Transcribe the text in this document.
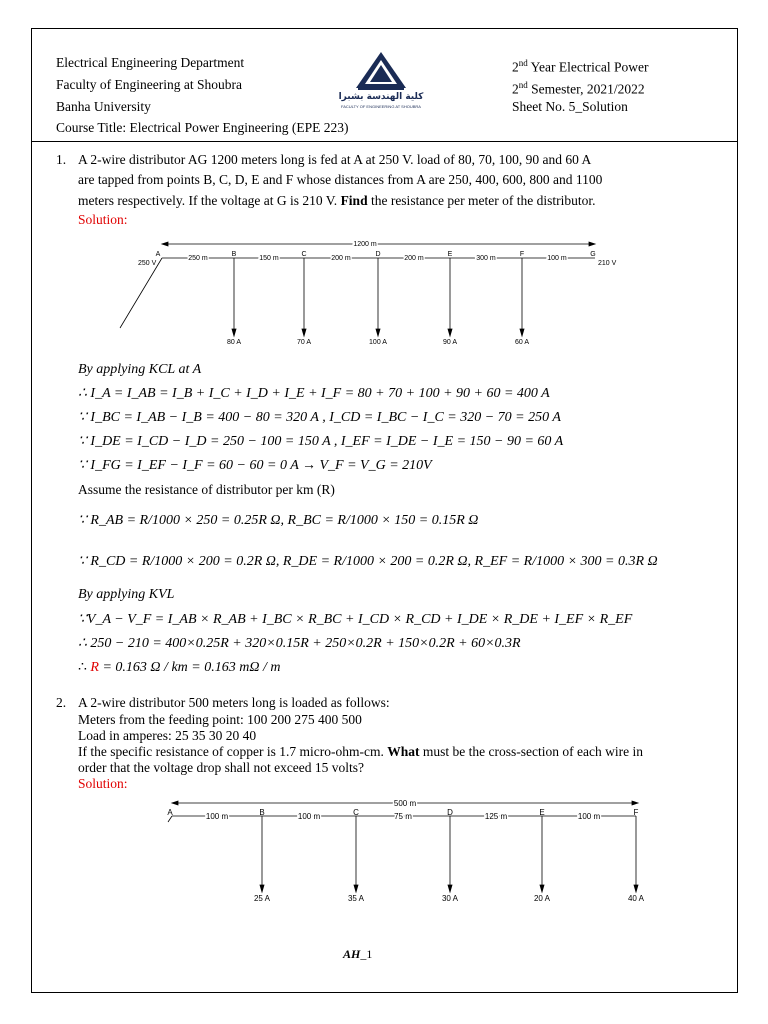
Electrical Engineering Department
Faculty of Engineering at Shoubra
Banha University
Course Title: Electrical Power Engineering (EPE 223)
كلية الهندسة بشبرا
FACULTY OF ENGINEERING AT SHOUBRA
2nd Year Electrical Power
2nd Semester, 2021/2022
Sheet No. 5_Solution
1. A 2-wire distributor AG 1200 meters long is fed at A at 250 V. load of 80, 70, 100, 90 and 60 A
are tapped from points B, C, D, E and F whose distances from A are 250, 400, 600, 800 and 1100
meters respectively. If the voltage at G is 210 V. Find the resistance per meter of the distributor.
Solution:
1200 m
A	B	C	D	E	F	G
250 m	150 m	200 m	200 m	300 m	100 m
250 V	210 V
80 A	70 A	100 A	90 A	60 A
By applying KCL at A
∴ I_A = I_AB = I_B + I_C + I_D + I_E + I_F = 80 + 70 + 100 + 90 + 60 = 400 A
∵ I_BC = I_AB − I_B = 400 − 80 = 320 A , I_CD = I_BC − I_C = 320 − 70 = 250 A
∵ I_DE = I_CD − I_D = 250 − 100 = 150 A , I_EF = I_DE − I_E = 150 − 90 = 60 A
∵ I_FG = I_EF − I_F = 60 − 60 = 0 A → V_F = V_G = 210V
Assume the resistance of distributor per km (R)
∵ R_AB = R/1000 × 250 = 0.25R Ω, R_BC = R/1000 × 150 = 0.15R Ω
∵ R_CD = R/1000 × 200 = 0.2R Ω, R_DE = R/1000 × 200 = 0.2R Ω, R_EF = R/1000 × 300 = 0.3R Ω
By applying KVL
∵V_A − V_F = I_AB × R_AB + I_BC × R_BC + I_CD × R_CD + I_DE × R_DE + I_EF × R_EF
∴ 250 − 210 = 400×0.25R + 320×0.15R + 250×0.2R + 150×0.2R + 60×0.3R
∴ R = 0.163 Ω / km = 0.163 mΩ / m
2. A 2-wire distributor 500 meters long is loaded as follows:
Meters from the feeding point: 100 200 275 400 500
Load in amperes: 25 35 30 20 40
If the specific resistance of copper is 1.7 micro-ohm-cm. What must be the cross-section of each wire in
order that the voltage drop shall not exceed 15 volts?
Solution:
500 m
A	B	C	D	E	F
100 m	100 m	75 m	125 m	100 m
25 A	35 A	30 A	20 A	40 A
AH_1
